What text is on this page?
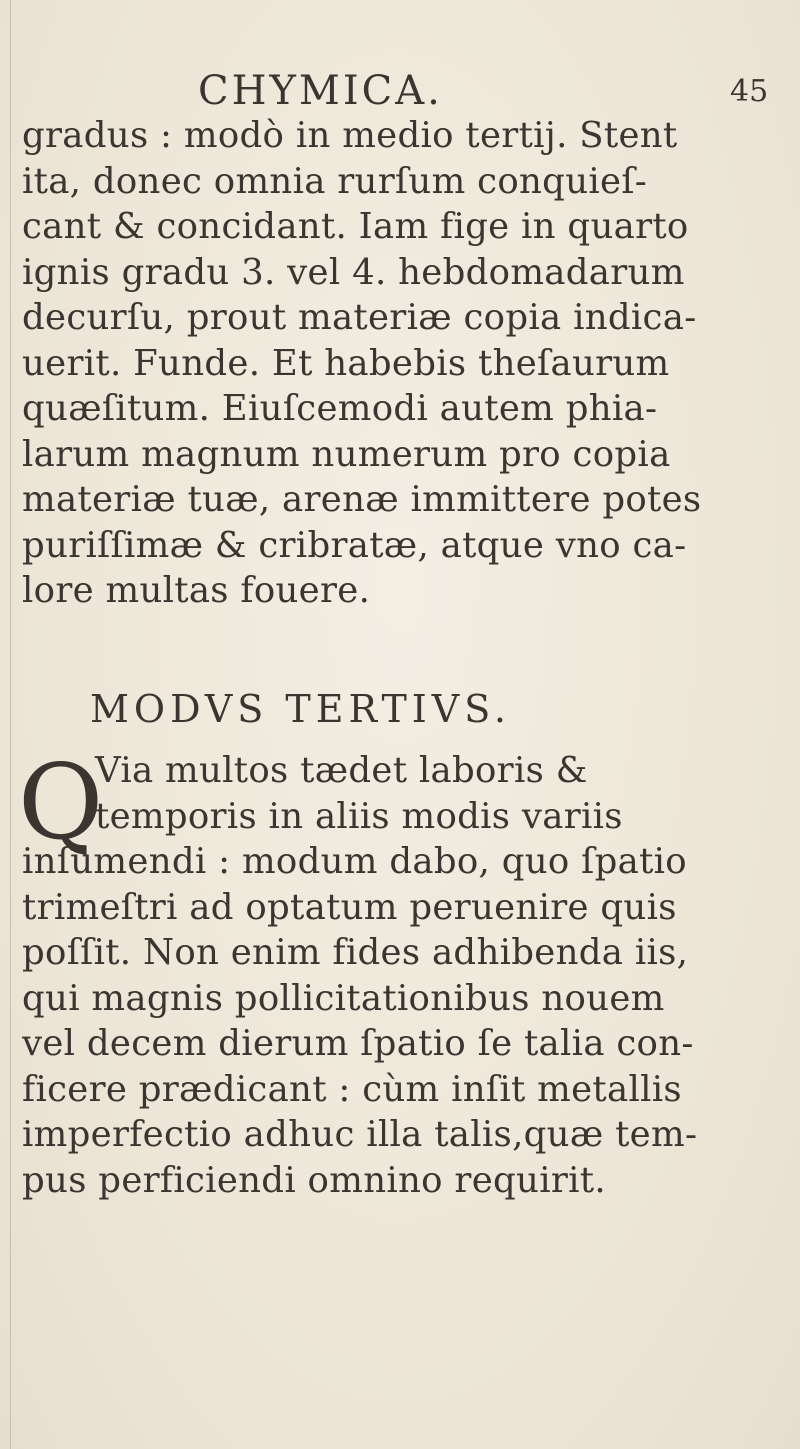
CHYMICA.	45
gradus : modò in medio tertij. Stent
ita, donec omnia rurſum conquieſ-
cant & concidant. Iam fige in quarto
ignis gradu 3. vel 4. hebdomadarum
decurſu, prout materiæ copia indica-
uerit. Funde. Et habebis theſaurum
quæſitum. Eiuſcemodi autem phia-
larum magnum numerum pro copia
materiæ tuæ, arenæ immittere potes
puriſſimæ & cribratæ, atque vno ca-
lore multas fouere.
MODVS TERTIVS.
Q
Via multos tædet laboris &
temporis in aliis modis variis
inſumendi : modum dabo, quo ſpatio
trimeſtri ad optatum peruenire quis
poſſit. Non enim fides adhibenda iis,
qui magnis pollicitationibus nouem
vel decem dierum ſpatio ſe talia con-
ficere prædicant : cùm inſit metallis
imperfectio adhuc illa talis,quæ tem-
pus perficiendi omnino requirit.
